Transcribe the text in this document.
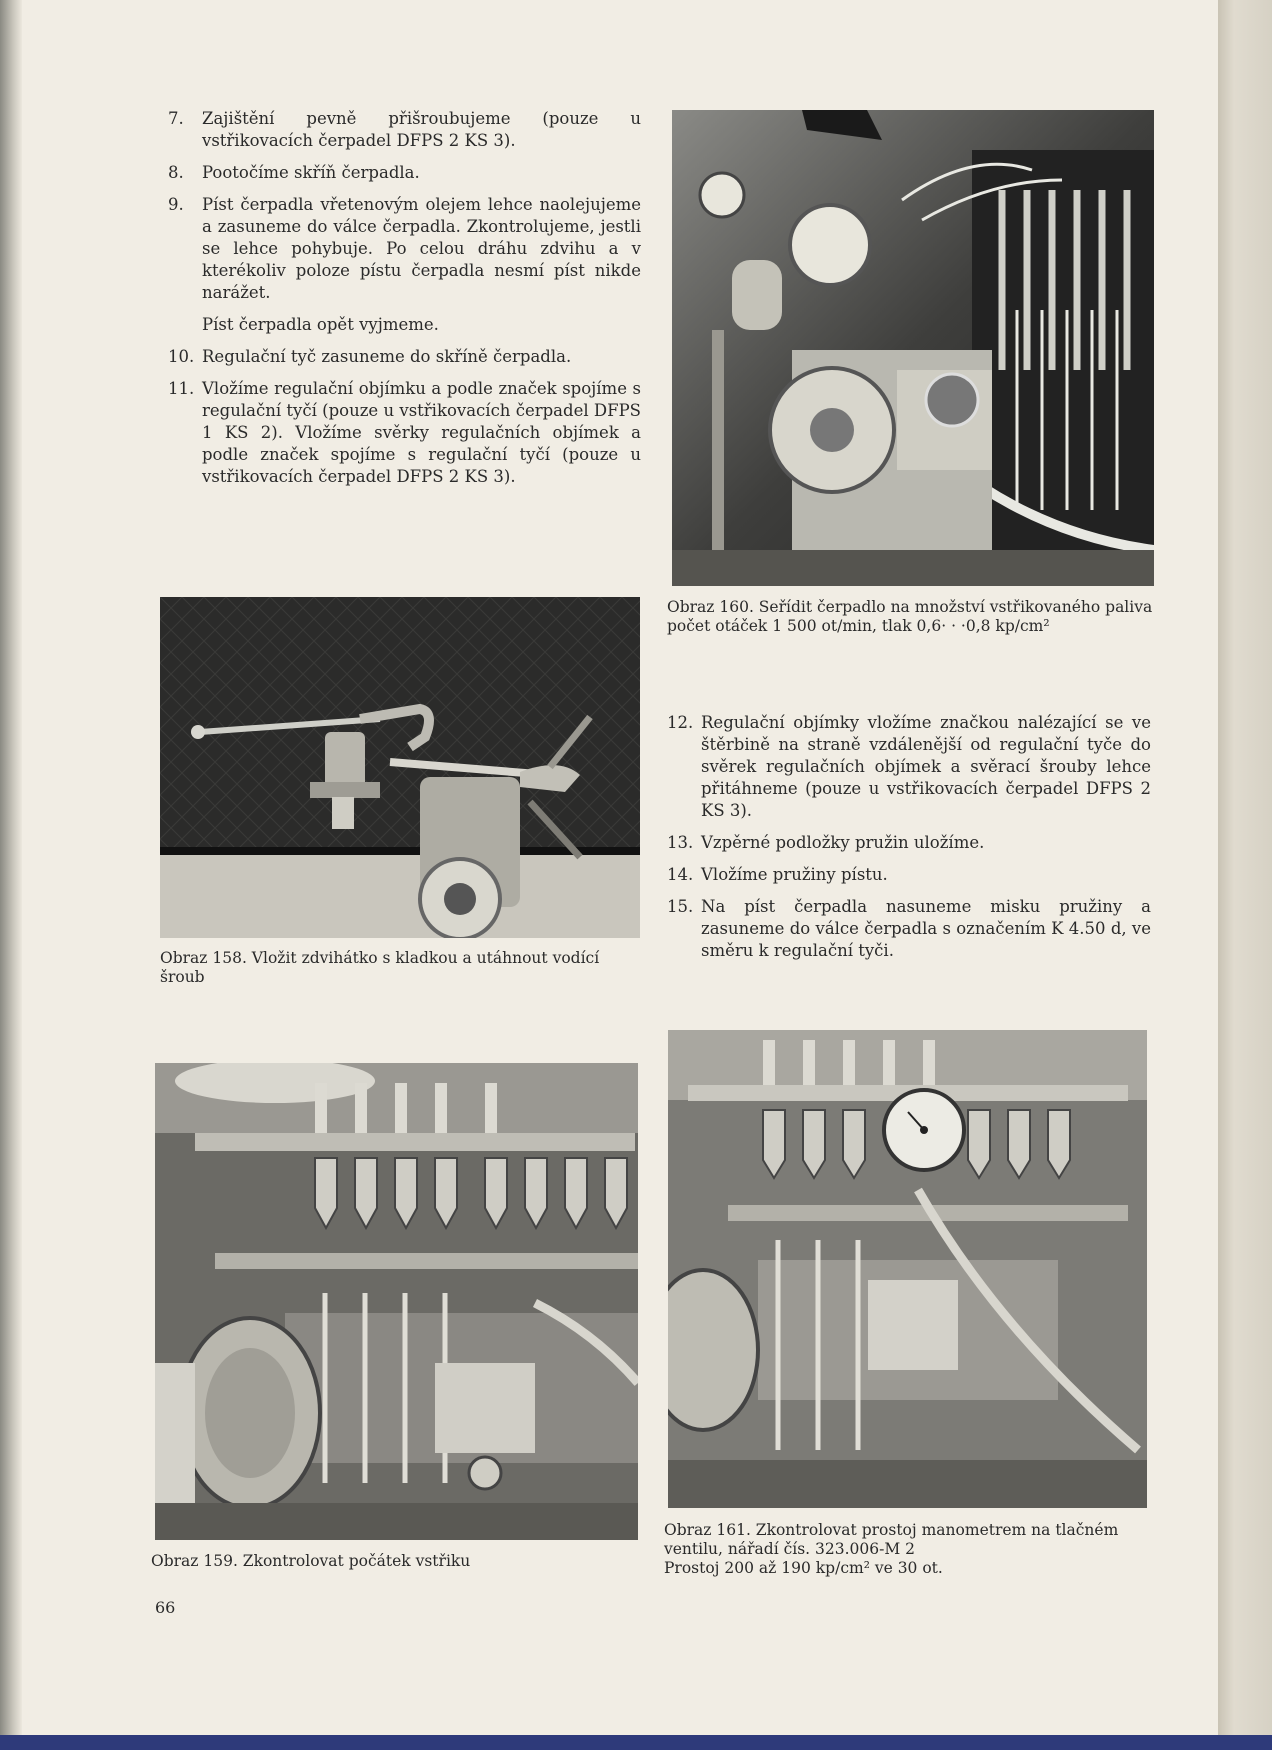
7. Zajištění pevně přišroubujeme (pouze u vstřikovacích čerpadel DFPS 2 KS 3).
8. Pootočíme skříň čerpadla.
9. Píst čerpadla vřetenovým olejem lehce naolejujeme a zasuneme do válce čerpadla. Zkontrolujeme, jestli se lehce pohybuje. Po celou dráhu zdvihu a v kterékoliv poloze pístu čerpadla nesmí píst nikde narážet.
Píst čerpadla opět vyjmeme.
10. Regulační tyč zasuneme do skříně čerpadla.
11. Vložíme regulační objímku a podle značek spojíme s regulační tyčí (pouze u vstřikovacích čerpadel DFPS 1 KS 2). Vložíme svěrky regulačních objímek a podle značek spojíme s regulační tyčí (pouze u vstřikovacích čerpadel DFPS 2 KS 3).
Obraz 160. Seřídit čerpadlo na množství vstřikovaného paliva
počet otáček 1 500 ot/min, tlak 0,6· · ·0,8 kp/cm²
Obraz 158. Vložit zdvihátko s kladkou a utáhnout vodící šroub
12. Regulační objímky vložíme značkou nalézající se ve štěrbině na straně vzdálenější od regulační tyče do svěrek regulačních objímek a svěrací šrouby lehce přitáhneme (pouze u vstřikovacích čerpadel DFPS 2 KS 3).
13. Vzpěrné podložky pružin uložíme.
14. Vložíme pružiny pístu.
15. Na píst čerpadla nasuneme misku pružiny a zasuneme do válce čerpadla s označením K 4.50 d, ve směru k regulační tyči.
Obraz 159. Zkontrolovat počátek vstřiku
Obraz 161. Zkontrolovat prostoj manometrem na tlačném ventilu, nářadí čís. 323.006-M 2
Prostoj 200 až 190 kp/cm² ve 30 ot.
66
